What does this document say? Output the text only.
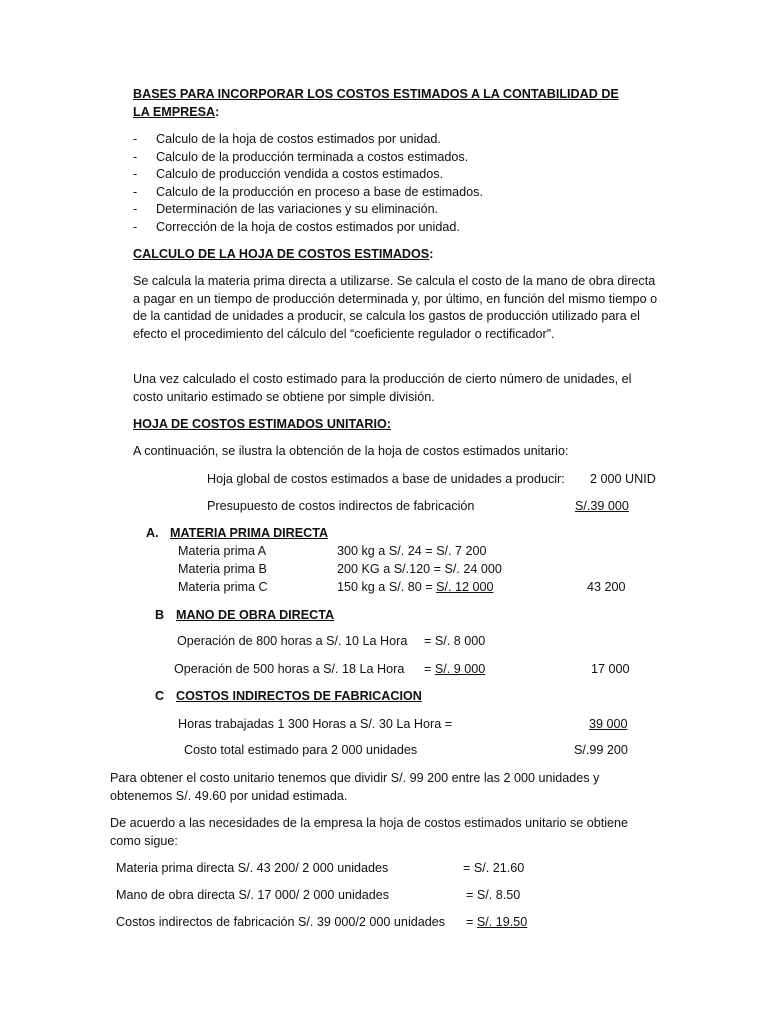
BASES PARA INCORPORAR LOS COSTOS ESTIMADOS A LA CONTABILIDAD DE LA EMPRESA:
- Calculo de la hoja de costos estimados por unidad.
- Calculo de la producción terminada a costos estimados.
- Calculo de producción vendida a costos estimados.
- Calculo de la producción en proceso a base de estimados.
- Determinación de las variaciones y su eliminación.
- Corrección de la hoja de costos estimados por unidad.
CALCULO DE LA HOJA DE COSTOS ESTIMADOS:
Se calcula la materia prima directa a utilizarse. Se calcula el costo de la mano de obra directa a pagar en un tiempo de producción determinada y, por último, en función del mismo tiempo o de la cantidad de unidades a producir, se calcula los gastos de producción utilizado para el efecto el procedimiento del cálculo del “coeficiente regulador o rectificador”.
Una vez calculado el costo estimado para la producción de cierto número de unidades, el costo unitario estimado se obtiene por simple división.
HOJA DE COSTOS ESTIMADOS UNITARIO:
A continuación, se ilustra la obtención de la hoja de costos estimados unitario:
Hoja global de costos estimados a base de unidades a producir: 2 000 UNID
Presupuesto de costos indirectos de fabricación	S/.39 000
A. MATERIA PRIMA DIRECTA
Materia prima A	300 kg a S/. 24 = S/. 7 200
Materia prima B	200 KG a S/.120 = S/. 24 000
Materia prima C	150 kg a S/. 80 = S/. 12 000	43 200
B MANO DE OBRA DIRECTA
Operación de 800 horas a S/. 10 La Hora = S/. 8 000
Operación de 500 horas a S/. 18 La Hora = S/. 9 000	17 000
C COSTOS INDIRECTOS DE FABRICACION
Horas trabajadas 1 300 Horas a S/. 30 La Hora =	39 000
Costo total estimado para 2 000 unidades	S/.99 200
Para obtener el costo unitario tenemos que dividir S/. 99 200 entre las 2 000 unidades y obtenemos S/. 49.60 por unidad estimada.
De acuerdo a las necesidades de la empresa la hoja de costos estimados unitario se obtiene como sigue:
Materia prima directa S/. 43 200/ 2 000 unidades	= S/. 21.60
Mano de obra directa S/. 17 000/ 2 000 unidades	= S/. 8.50
Costos indirectos de fabricación S/. 39 000/2 000 unidades = S/. 19.50
